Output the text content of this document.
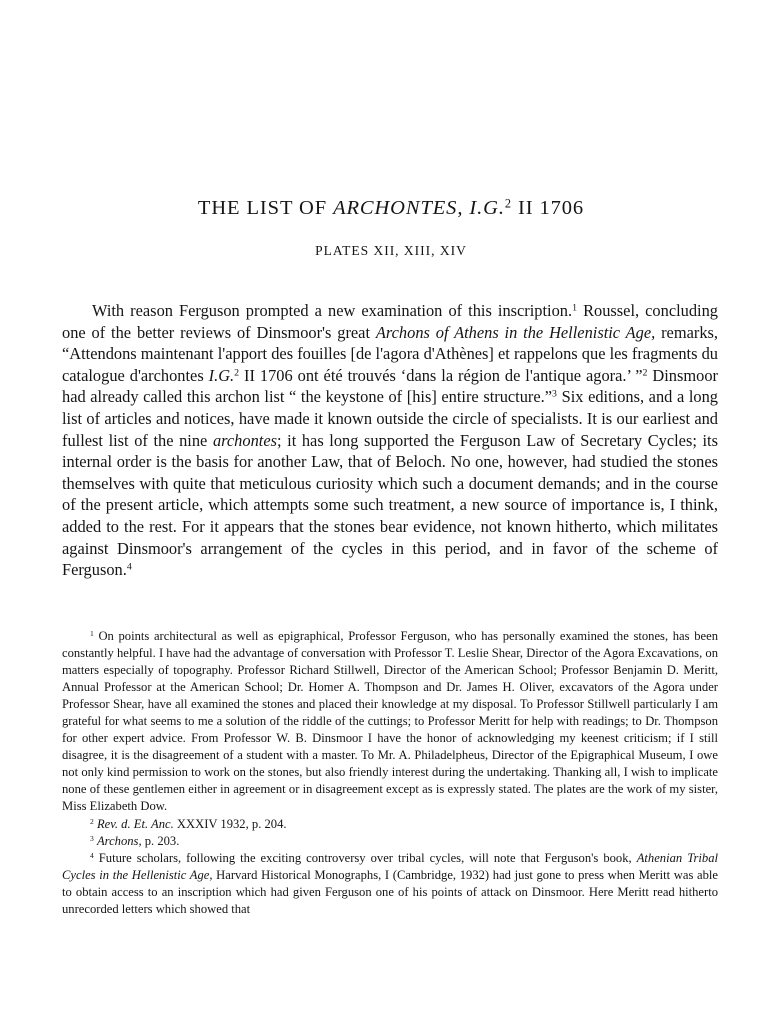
THE LIST OF ARCHONTES, I.G.$^2$ II 1706
PLATES XII, XIII, XIV

With reason Ferguson prompted a new examination of this inscription.$^1$ Roussel, concluding one of the better reviews of Dinsmoor's great Archons of Athens in the Hellenistic Age, remarks, “Attendons maintenant l'apport des fouilles [de l'agora d'Athènes] et rappelons que les fragments du catalogue d'archontes I.G.$^2$ II 1706 ont été trouvés ‘dans la région de l'antique agora.’ ”$^2$ Dinsmoor had already called this archon list “ the keystone of [his] entire structure.”$^3$ Six editions, and a long list of articles and notices, have made it known outside the circle of specialists. It is our earliest and fullest list of the nine archontes; it has long supported the Ferguson Law of Secretary Cycles; its internal order is the basis for another Law, that of Beloch. No one, however, had studied the stones themselves with quite that meticulous curiosity which such a document demands; and in the course of the present article, which attempts some such treatment, a new source of importance is, I think, added to the rest. For it appears that the stones bear evidence, not known hitherto, which militates against Dinsmoor's arrangement of the cycles in this period, and in favor of the scheme of Ferguson.$^4$

$^1$ On points architectural as well as epigraphical, Professor Ferguson, who has personally examined the stones, has been constantly helpful. I have had the advantage of conversation with Professor T. Leslie Shear, Director of the Agora Excavations, on matters especially of topography. Professor Richard Stillwell, Director of the American School; Professor Benjamin D. Meritt, Annual Professor at the American School; Dr. Homer A. Thompson and Dr. James H. Oliver, excavators of the Agora under Professor Shear, have all examined the stones and placed their knowledge at my disposal. To Professor Stillwell particularly I am grateful for what seems to me a solution of the riddle of the cuttings; to Professor Meritt for help with readings; to Dr. Thompson for other expert advice. From Professor W. B. Dinsmoor I have the honor of acknowledging my keenest criticism; if I still disagree, it is the disagreement of a student with a master. To Mr. A. Philadelpheus, Director of the Epigraphical Museum, I owe not only kind permission to work on the stones, but also friendly interest during the undertaking. Thanking all, I wish to implicate none of these gentlemen either in agreement or in disagreement except as is expressly stated. The plates are the work of my sister, Miss Elizabeth Dow.

$^2$ Rev. d. Et. Anc. XXXIV 1932, p. 204.

$^3$ Archons, p. 203.

$^4$ Future scholars, following the exciting controversy over tribal cycles, will note that Ferguson's book, Athenian Tribal Cycles in the Hellenistic Age, Harvard Historical Monographs, I (Cambridge, 1932) had just gone to press when Meritt was able to obtain access to an inscription which had given Ferguson one of his points of attack on Dinsmoor. Here Meritt read hitherto unrecorded letters which showed that
